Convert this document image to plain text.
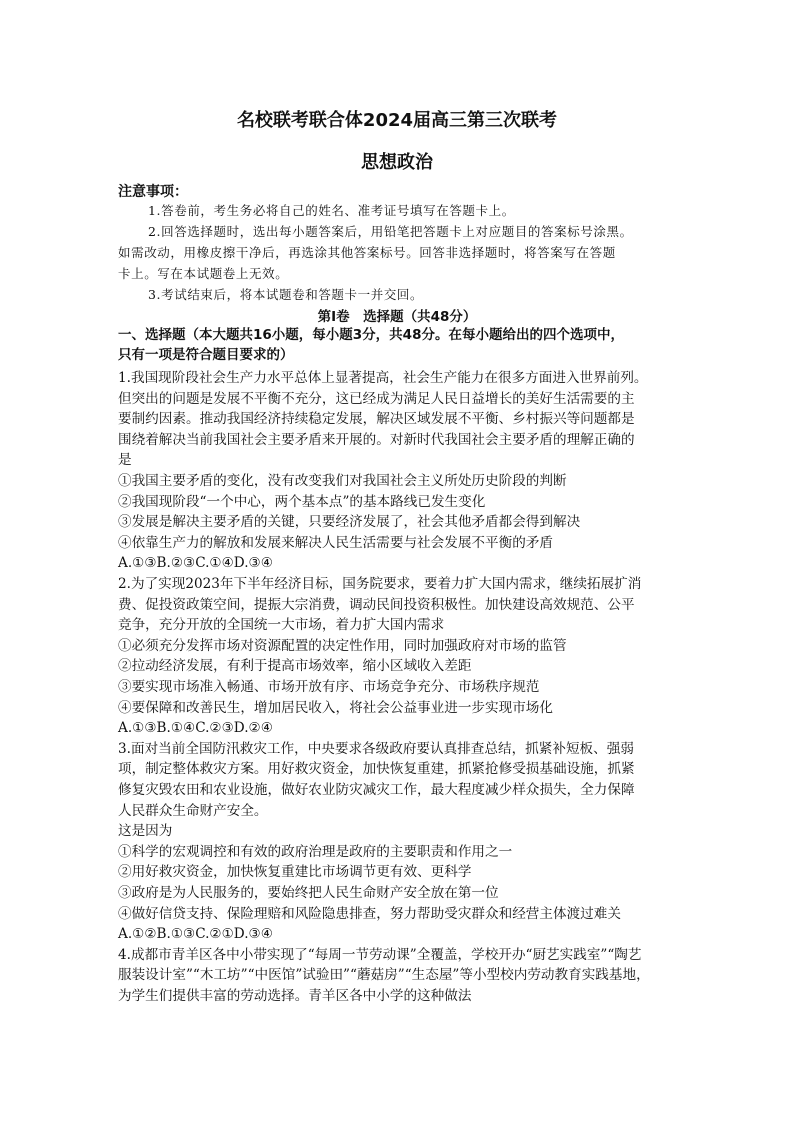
名校联考联合体2024届高三第三次联考
思想政治
注意事项：
1.答卷前，考生务必将自己的姓名、准考证号填写在答题卡上。
2.回答选择题时，选出每小题答案后，用铅笔把答题卡上对应题目的答案标号涂黑。
如需改动，用橡皮擦干净后，再选涂其他答案标号。回答非选择题时，将答案写在答题
卡上。写在本试题卷上无效。
3.考试结束后，将本试题卷和答题卡一并交回。
第Ⅰ卷　选择题（共48分）
一、选择题（本大题共16小题，每小题3分，共48分。在每小题给出的四个选项中，
只有一项是符合题目要求的）
1.我国现阶段社会生产力水平总体上显著提高，社会生产能力在很多方面进入世界前列。
但突出的问题是发展不平衡不充分，这已经成为满足人民日益增长的美好生活需要的主
要制约因素。推动我国经济持续稳定发展，解决区域发展不平衡、乡村振兴等问题都是
围绕着解决当前我国社会主要矛盾来开展的。对新时代我国社会主要矛盾的理解正确的
是
①我国主要矛盾的变化，没有改变我们对我国社会主义所处历史阶段的判断
②我国现阶段“一个中心，两个基本点”的基本路线已发生变化
③发展是解决主要矛盾的关键，只要经济发展了，社会其他矛盾都会得到解决
④依靠生产力的解放和发展来解决人民生活需要与社会发展不平衡的矛盾
A.①③B.②③C.①④D.③④
2.为了实现2023年下半年经济目标，国务院要求，要着力扩大国内需求，继续拓展扩消
费、促投资政策空间，提振大宗消费，调动民间投资积极性。加快建设高效规范、公平
竞争，充分开放的全国统一大市场，着力扩大国内需求
①必须充分发挥市场对资源配置的决定性作用，同时加强政府对市场的监管
②拉动经济发展，有利于提高市场效率，缩小区域收入差距
③要实现市场准入畅通、市场开放有序、市场竞争充分、市场秩序规范
④要保障和改善民生，增加居民收入，将社会公益事业进一步实现市场化
A.①③B.①④C.②③D.②④
3.面对当前全国防汛救灾工作，中央要求各级政府要认真排查总结，抓紧补短板、强弱
项，制定整体救灾方案。用好救灾资金，加快恢复重建，抓紧抢修受损基础设施，抓紧
修复灾毁农田和农业设施，做好农业防灾减灾工作，最大程度减少样众损失，全力保障
人民群众生命财产安全。
这是因为
①科学的宏观调控和有效的政府治理是政府的主要职责和作用之一
②用好救灾资金，加快恢复重建比市场调节更有效、更科学
③政府是为人民服务的，要始终把人民生命财产安全放在第一位
④做好信贷支持、保险理赔和风险隐患排查，努力帮助受灾群众和经营主体渡过难关
A.①②B.①③C.②①D.③④
4.成都市青羊区各中小带实现了“每周一节劳动课”全覆盖，学校开办“厨艺实践室”“陶艺
服装设计室”“木工坊”“中医馆”试验田”“蘑菇房”“生态屋”等小型校内劳动教育实践基地，
为学生们提供丰富的劳动选择。青羊区各中小学的这种做法
